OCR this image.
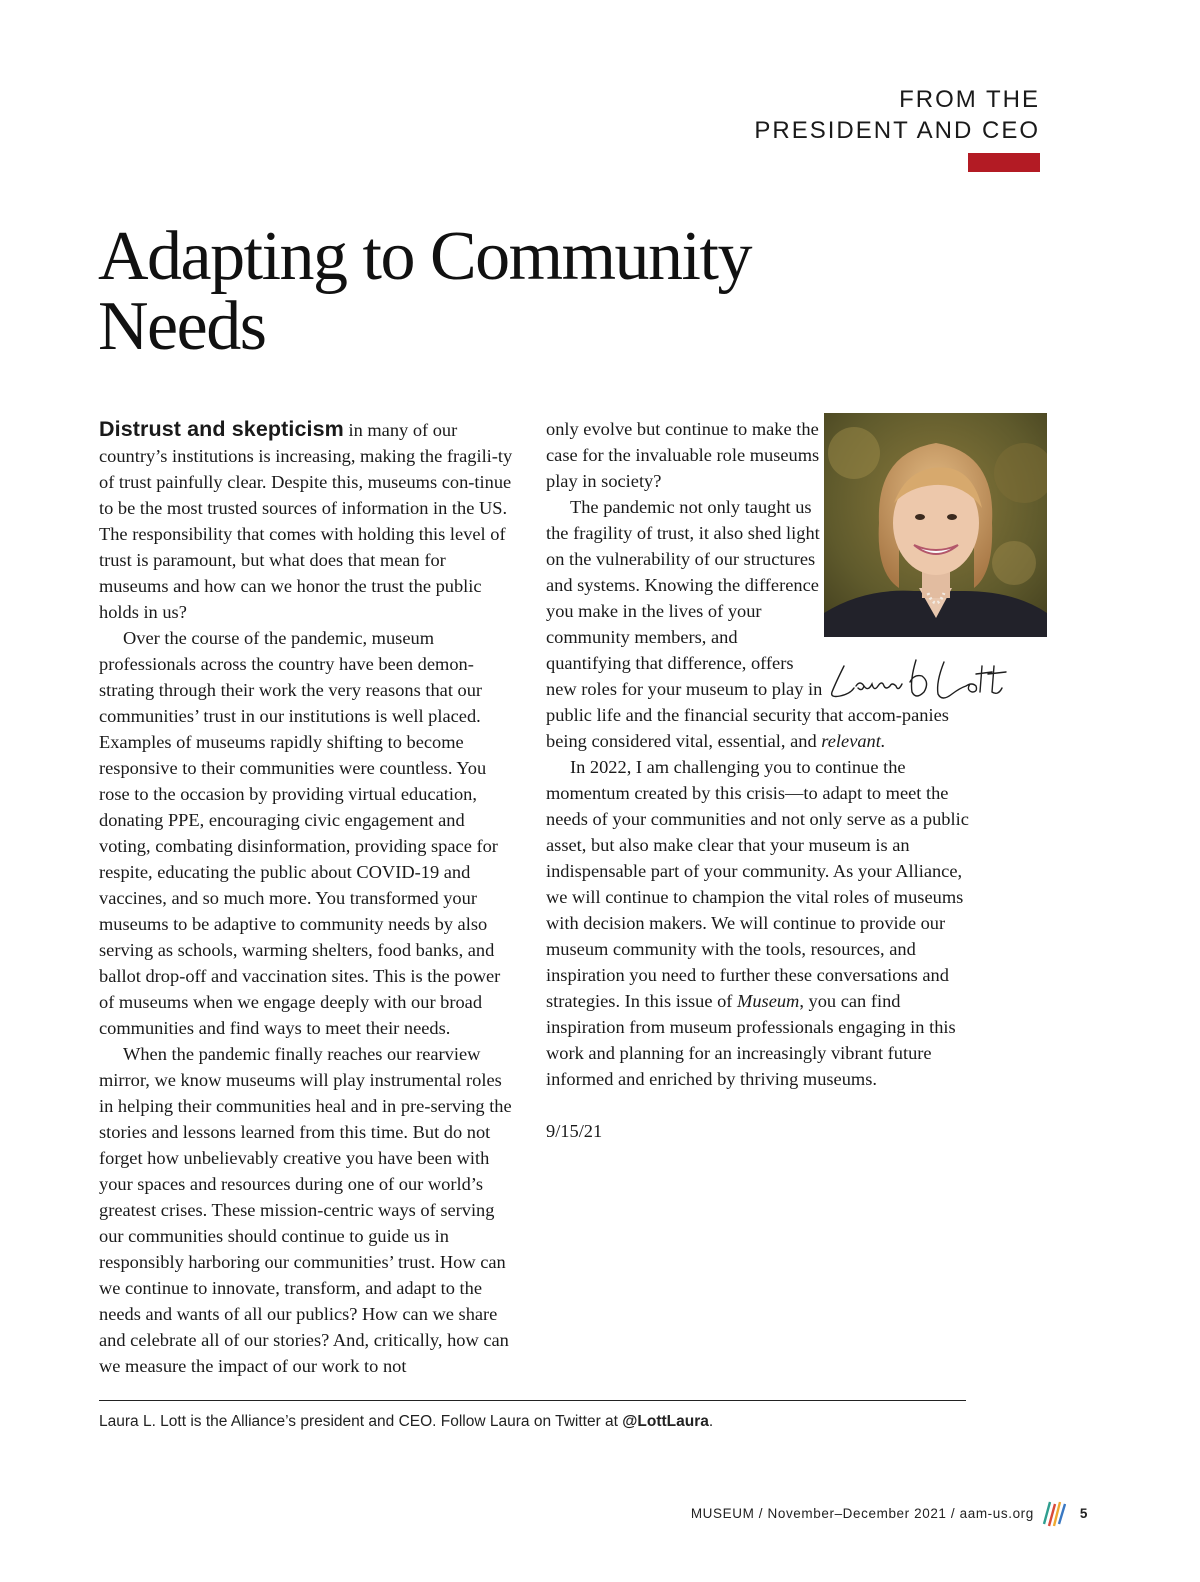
FROM THE
PRESIDENT AND CEO
Adapting to Community
Needs

Distrust and skepticism in many of our country’s institutions is increasing, making the fragili-ty of trust painfully clear. Despite this, museums con-tinue to be the most trusted sources of information in the US. The responsibility that comes with holding this level of trust is paramount, but what does that mean for museums and how can we honor the trust the public holds in us?

Over the course of the pandemic, museum professionals across the country have been demon-strating through their work the very reasons that our communities’ trust in our institutions is well placed. Examples of museums rapidly shifting to become responsive to their communities were countless. You rose to the occasion by providing virtual education, donating PPE, encouraging civic engagement and voting, combating disinformation, providing space for respite, educating the public about COVID-19 and vaccines, and so much more. You transformed your museums to be adaptive to community needs by also serving as schools, warming shelters, food banks, and ballot drop-off and vaccination sites. This is the power of museums when we engage deeply with our broad communities and find ways to meet their needs.

When the pandemic finally reaches our rearview mirror, we know museums will play instrumental roles in helping their communities heal and in pre-serving the stories and lessons learned from this time. But do not forget how unbelievably creative you have been with your spaces and resources during one of our world’s greatest crises. These mission-centric ways of serving our communities should continue to guide us in responsibly harboring our communities’ trust. How can we continue to innovate, transform, and adapt to the needs and wants of all our publics? How can we share and celebrate all of our stories? And, critically, how can we measure the impact of our work to not

only evolve but continue to make the case for the invaluable role museums play in society?

The pandemic not only taught us the fragility of trust, it also shed light on the vulnerability of our structures and systems. Knowing the difference you make in the lives of your community members, and quantifying that difference, offers new roles for your museum to play in public life and the financial security that accom-panies being considered vital, essential, and relevant.

In 2022, I am challenging you to continue the momentum created by this crisis—to adapt to meet the needs of your communities and not only serve as a public asset, but also make clear that your museum is an indispensable part of your community. As your Alliance, we will continue to champion the vital roles of museums with decision makers. We will continue to provide our museum community with the tools, resources, and inspiration you need to further these conversations and strategies. In this issue of Museum, you can find inspiration from museum professionals engaging in this work and planning for an increasingly vibrant future informed and enriched by thriving museums.

9/15/21

Laura L. Lott is the Alliance’s president and CEO. Follow Laura on Twitter at @LottLaura.
MUSEUM / November–December 2021 / aam-us.org	5
